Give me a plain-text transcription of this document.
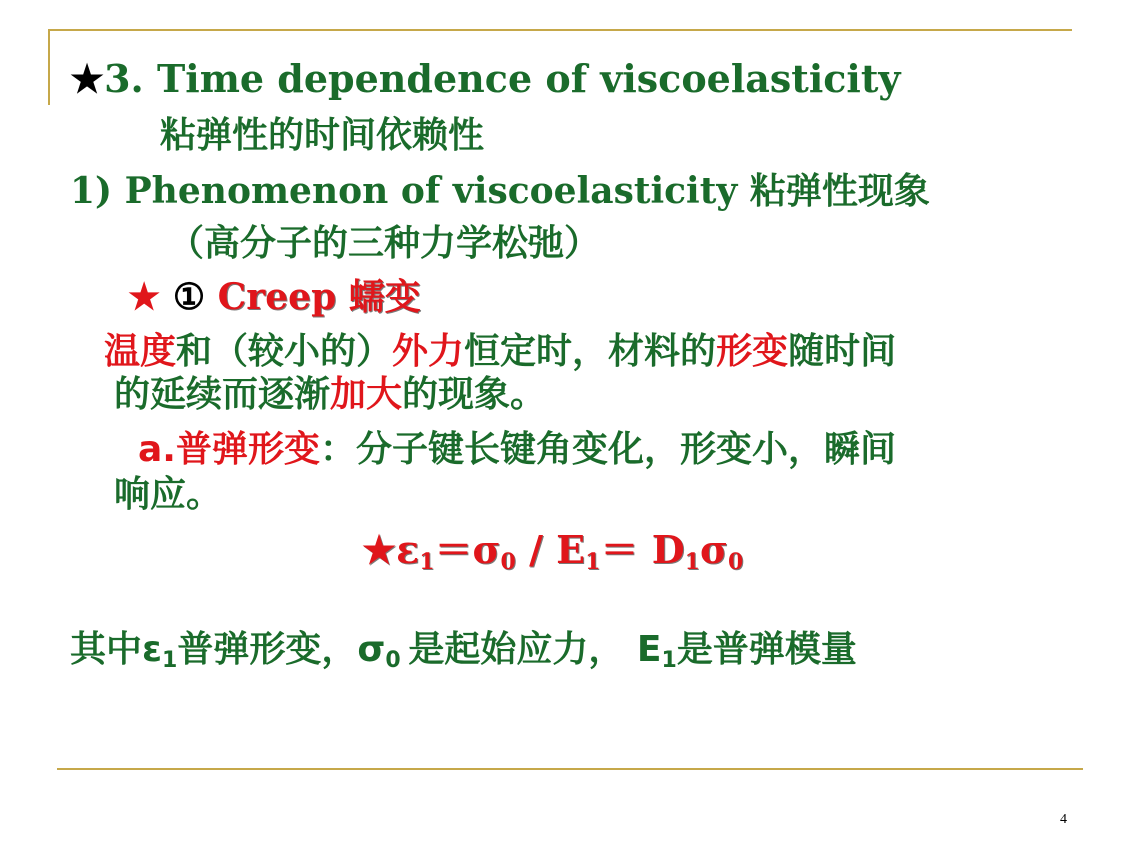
★3. Time dependence of viscoelasticity
粘弹性的时间依赖性
1) Phenomenon of viscoelasticity 粘弹性现象
（高分子的三种力学松弛）
★ ① Creep 蠕变
温度和（较小的）外力恒定时，材料的形变随时间
的延续而逐渐加大的现象。
a.普弹形变：分子键长键角变化，形变小，瞬间
响应。
$★\varepsilon_1=\sigma_0 / E_1= D_1\sigma_0$
其中$\varepsilon_1$普弹形变，$\sigma_0$ 是起始应力， $E_1$是普弹模量
4
